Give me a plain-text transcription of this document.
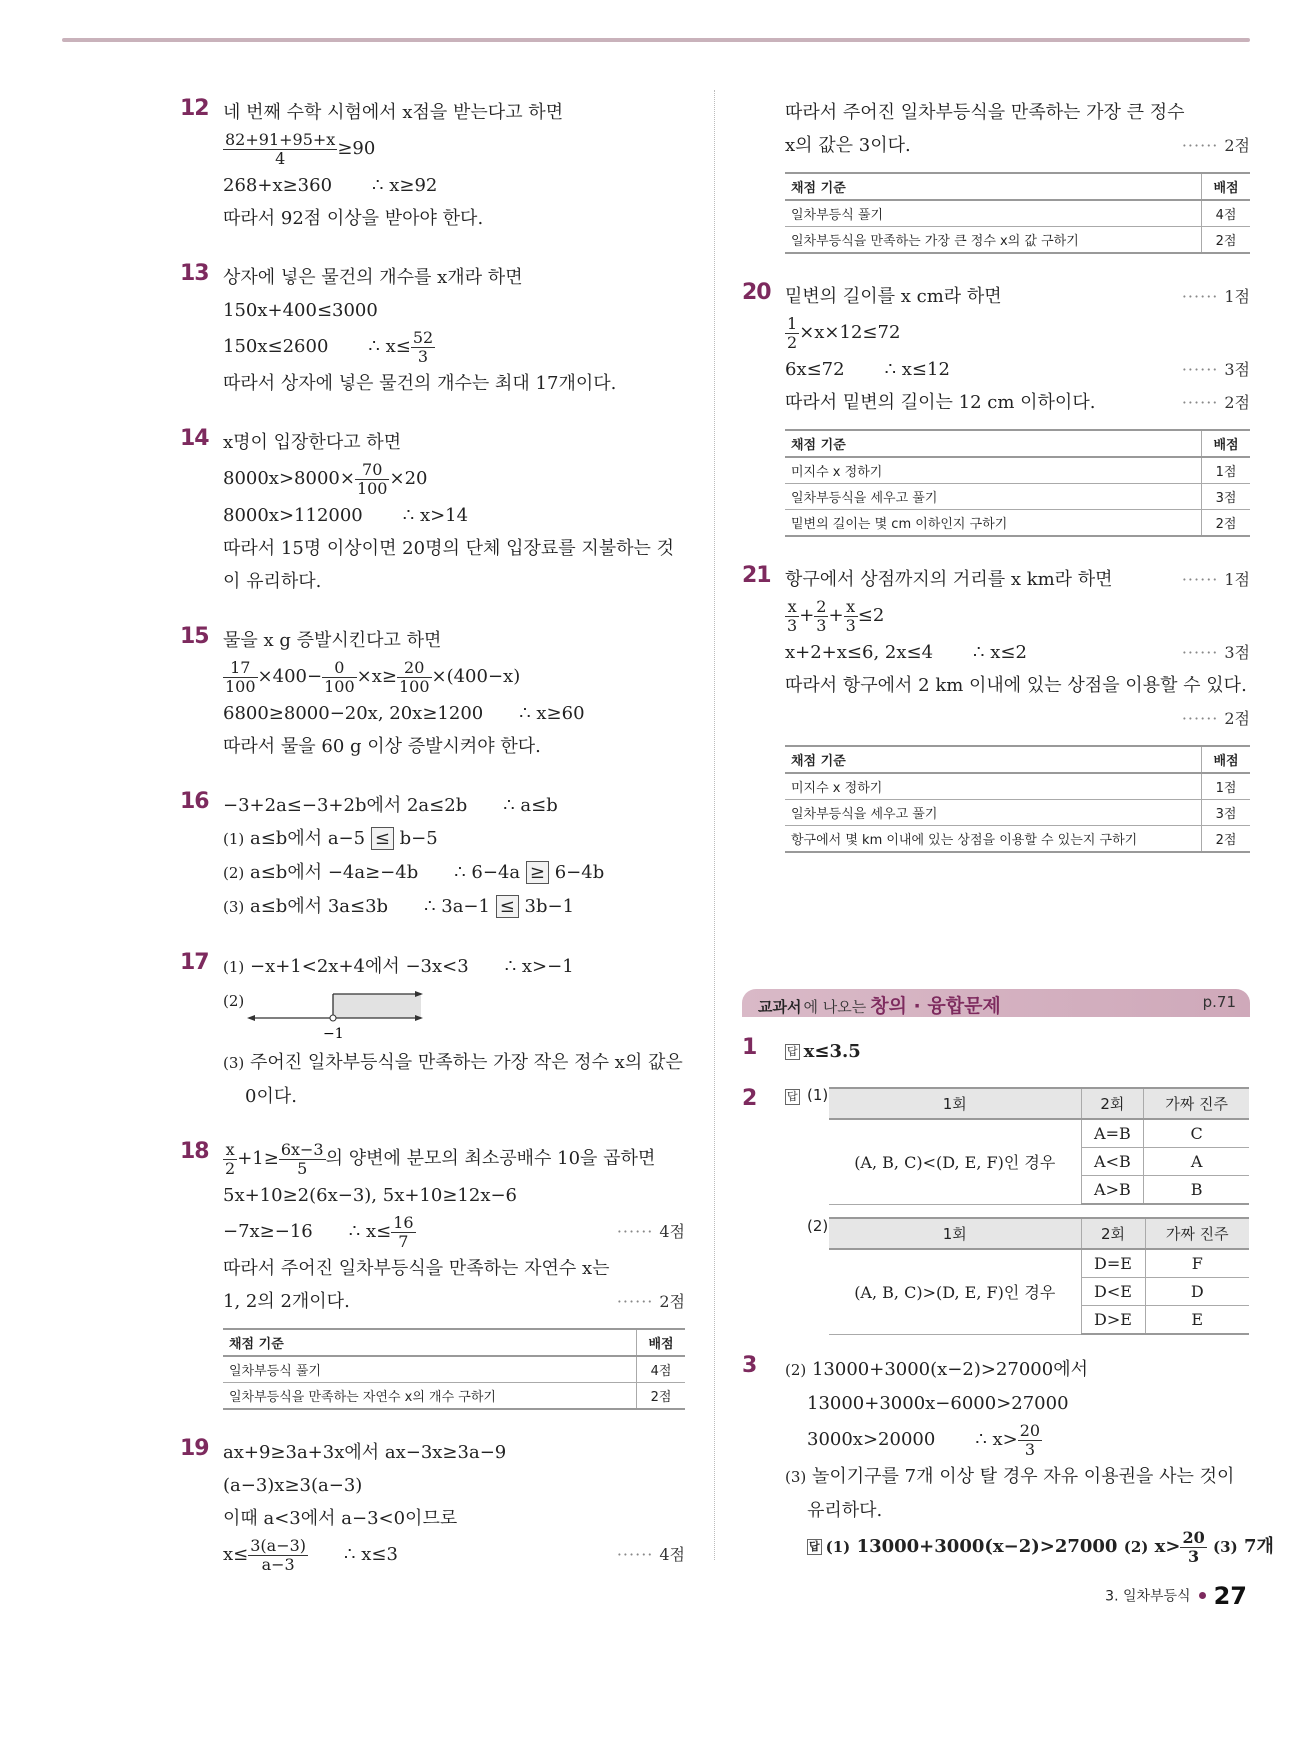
12 네 번째 수학 시험에서 x점을 받는다고 하면
$\frac{82+91+95+x}{4} \ge 90$
268+x≥360 ∴ x≥92
따라서 92점 이상을 받아야 한다.
13 상자에 넣은 물건의 개수를 x개라 하면
150x+400≤3000
150x≤2600 ∴ $x\le \frac{52}{3}$
따라서 상자에 넣은 물건의 개수는 최대 17개이다.
14 x명이 입장한다고 하면
$8000x>8000\times \frac{70}{100} \times 20$
8000x>112000 ∴ x>14
따라서 15명 이상이면 20명의 단체 입장료를 지불하는 것이 유리하다.
15 물을 x g 증발시킨다고 하면
$\frac{17}{100} \times 400- \frac{0}{100} \times x\ge \frac{20}{100} \times(400-x)$
6800≥8000−20x, 20x≥1200 ∴ x≥60
따라서 물을 60 g 이상 증발시켜야 한다.
16 −3+2a≤−3+2b에서 2a≤2b ∴ a≤b
(1) a≤b에서 a−5 ≤ b−5
(2) a≤b에서 −4a≥−4b ∴ 6−4a ≥ 6−4b
(3) a≤b에서 3a≤3b ∴ 3a−1 ≤ 3b−1
17 (1) −x+1<2x+4에서 −3x<3 ∴ x>−1
(2)
−1
(3) 주어진 일차부등식을 만족하는 가장 작은 정수 x의 값은 0이다.
$18 \frac{x}{2} +1\ge \frac{6x-3}{5}$ 의 양변에 분모의 최소공배수 10을 곱하면
5x+10≥2(6x−3), 5x+10≥12x−6
−7x≥−16 ∴ $x\le \frac{16}{7}$	······ 4점
따라서 주어진 일차부등식을 만족하는 자연수 x는 1, 2의 2개이다.	······ 2점
채점 기준	배점
일차부등식 풀기	4점
일차부등식을 만족하는 자연수 x의 개수 구하기	2점
19 ax+9≥3a+3x에서 ax−3x≥3a−9
(a−3)x≥3(a−3)
이때 a<3에서 a−3<0이므로
$x\le \frac{3(a-3)}{a-3}$ ∴ x≤3	······ 4점
따라서 주어진 일차부등식을 만족하는 가장 큰 정수 x의 값은 3이다.	······ 2점
채점 기준	배점
일차부등식 풀기	4점
일차부등식을 만족하는 가장 큰 정수 x의 값 구하기	2점
20 밑변의 길이를 x cm라 하면	······ 1점
$\frac{1}{2} \times x\times 12\le 72$
6x≤72 ∴ x≤12	······ 3점
따라서 밑변의 길이는 12 cm 이하이다.	······ 2점
채점 기준	배점
미지수 x 정하기	1점
일차부등식을 세우고 풀기	3점
밑변의 길이는 몇 cm 이하인지 구하기	2점
21 항구에서 상점까지의 거리를 x km라 하면	······ 1점
$\frac{x}{3} + \frac{2}{3} + \frac{x}{3} \le 2$
x+2+x≤6, 2x≤4 ∴ x≤2	······ 3점
따라서 항구에서 2 km 이내에 있는 상점을 이용할 수 있다.
······ 2점
채점 기준	배점
미지수 x 정하기	1점
일차부등식을 세우고 풀기	3점
항구에서 몇 km 이내에 있는 상점을 이용할 수 있는지 구하기	2점
교과서 에 나오는 창의 · 융합문제	p.71
1	답 x≤3.5
2	답 (1)	1회	2회	가짜 진주
(A, B, C)<(D, E, F)인 경우	A=B	C
	A<B	A
	A>B	B
(2)	1회	2회	가짜 진주
(A, B, C)>(D, E, F)인 경우	D=E	F
	D<E	D
	D>E	E
3 (2) 13000+3000(x−2)>27000에서
13000+3000x−6000>27000
3000x>20000 ∴ $x> \frac{20}{3}$
(3) 놀이기구를 7개 이상 탈 경우 자유 이용권을 사는 것이 유리하다.
답 (1) 13000+3000(x−2)>27000 (2) $x> \frac{20}{3} (3)$ 7개
3. 일차부등식 27
